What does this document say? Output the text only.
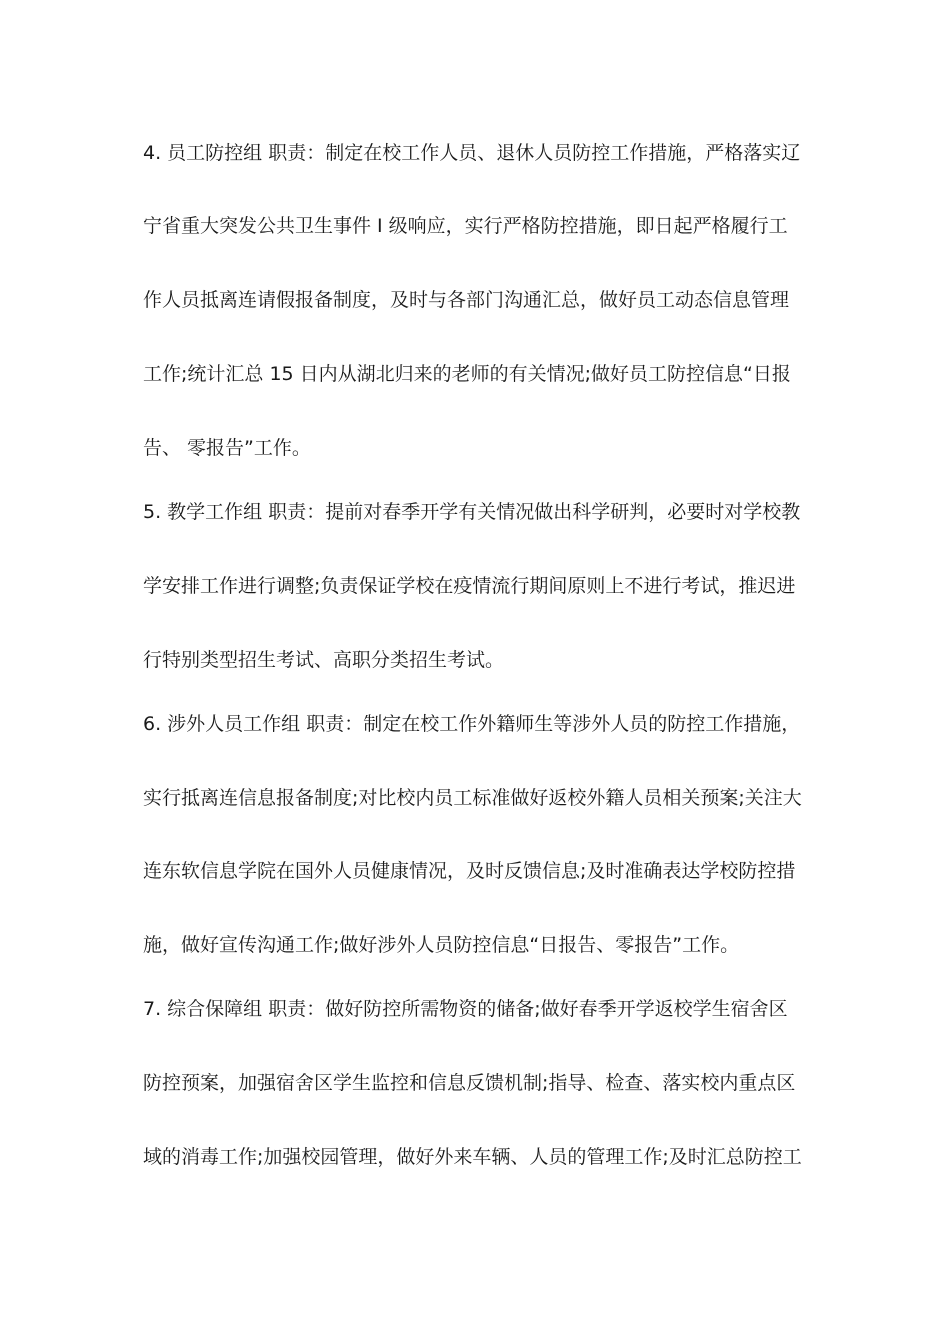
4. 员工防控组 职责：制定在校工作人员、退休人员防控工作措施，严格落实辽
宁省重大突发公共卫生事件 I 级响应，实行严格防控措施，即日起严格履行工
作人员抵离连请假报备制度，及时与各部门沟通汇总，做好员工动态信息管理
工作;统计汇总 15 日内从湖北归来的老师的有关情况;做好员工防控信息“日报
告、 零报告”工作。
5. 教学工作组 职责：提前对春季开学有关情况做出科学研判，必要时对学校教
学安排工作进行调整;负责保证学校在疫情流行期间原则上不进行考试，推迟进
行特别类型招生考试、高职分类招生考试。
6. 涉外人员工作组 职责：制定在校工作外籍师生等涉外人员的防控工作措施，
实行抵离连信息报备制度;对比校内员工标准做好返校外籍人员相关预案;关注大
连东软信息学院在国外人员健康情况，及时反馈信息;及时准确表达学校防控措
施，做好宣传沟通工作;做好涉外人员防控信息“日报告、零报告”工作。
7. 综合保障组 职责：做好防控所需物资的储备;做好春季开学返校学生宿舍区
防控预案，加强宿舍区学生监控和信息反馈机制;指导、检查、落实校内重点区
域的消毒工作;加强校园管理，做好外来车辆、人员的管理工作;及时汇总防控工
